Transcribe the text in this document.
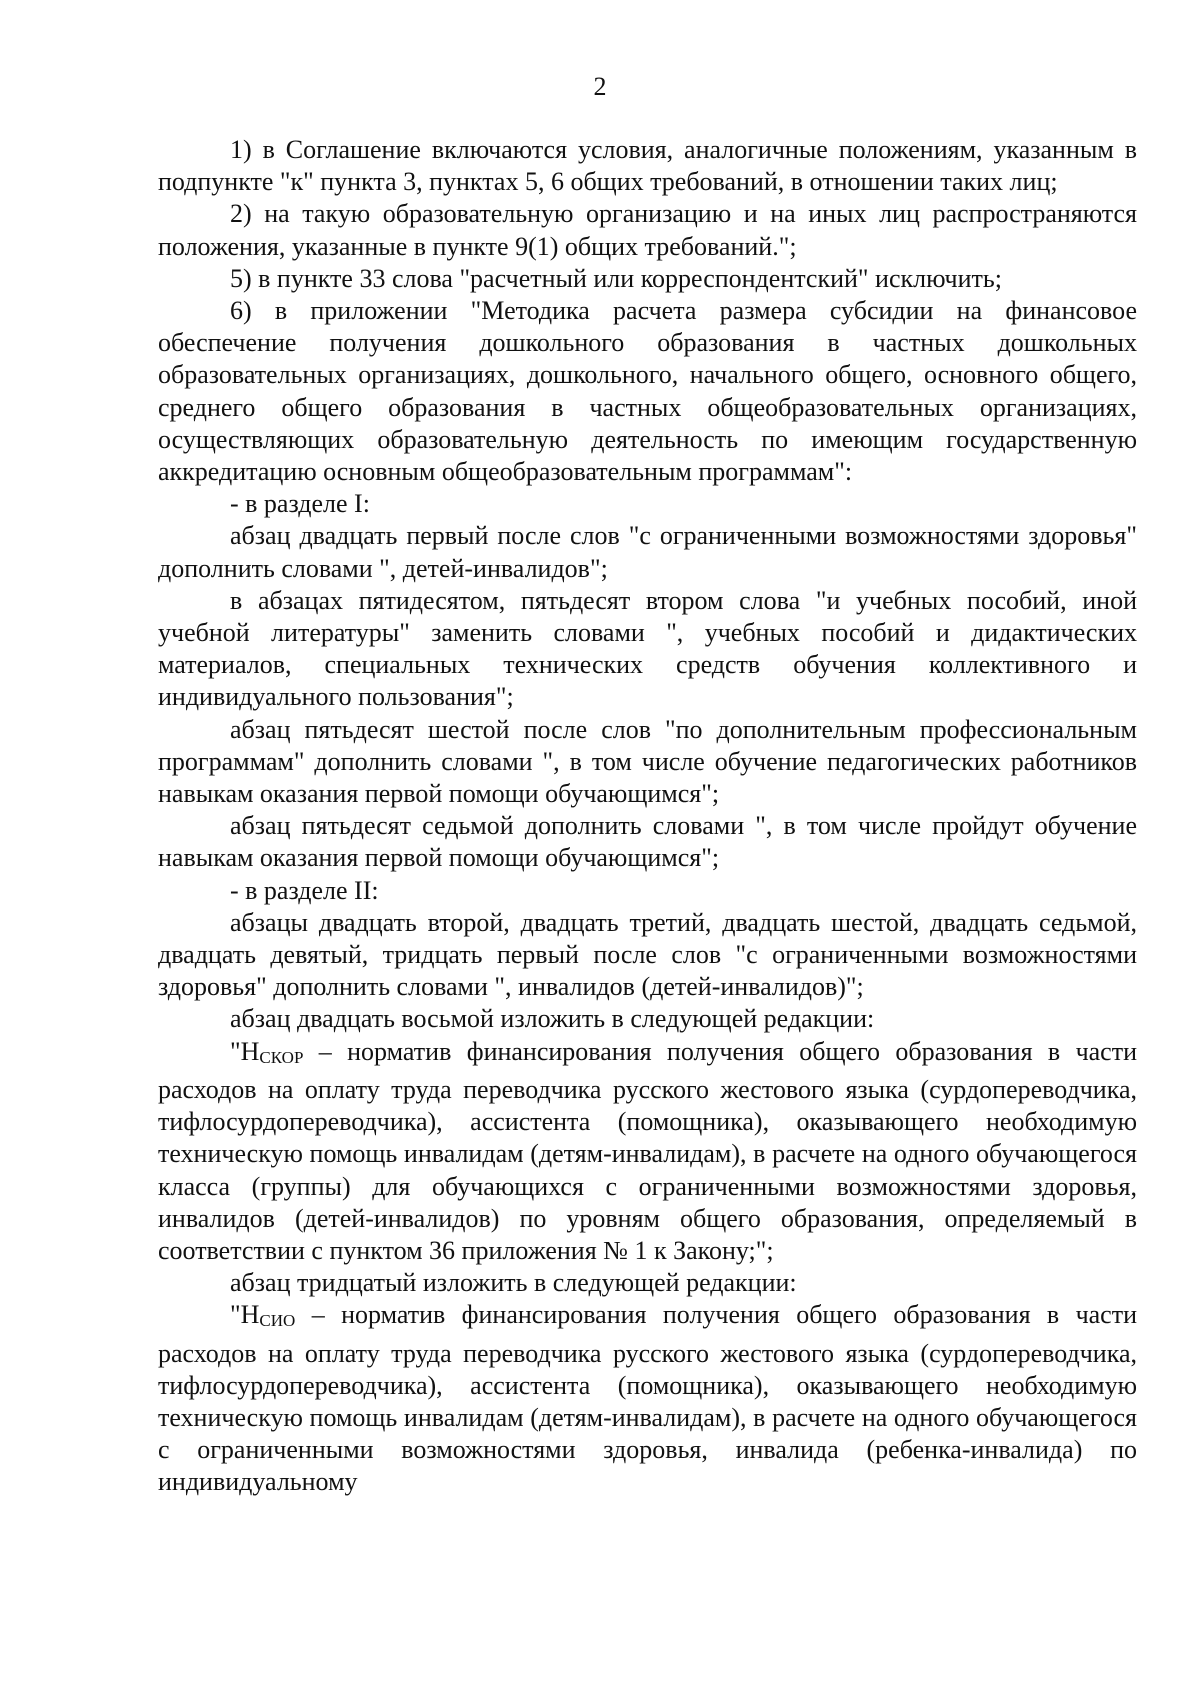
2

1) в Соглашение включаются условия, аналогичные положениям, указанным в подпункте "к" пункта 3, пунктах 5, 6 общих требований, в отношении таких лиц;

2) на такую образовательную организацию и на иных лиц распространяются положения, указанные в пункте 9(1) общих требований.";

5) в пункте 33 слова "расчетный или корреспондентский" исключить;

6) в приложении "Методика расчета размера субсидии на финансовое обеспечение получения дошкольного образования в частных дошкольных образовательных организациях, дошкольного, начального общего, основного общего, среднего общего образования в частных общеобразовательных организациях, осуществляющих образовательную деятельность по имеющим государственную аккредитацию основным общеобразовательным программам":

- в разделе I:

абзац двадцать первый после слов "с ограниченными возможностями здоровья" дополнить словами ", детей-инвалидов";

в абзацах пятидесятом, пятьдесят втором слова "и учебных пособий, иной учебной литературы" заменить словами ", учебных пособий и дидактических материалов, специальных технических средств обучения коллективного и индивидуального пользования";

абзац пятьдесят шестой после слов "по дополнительным профессиональным программам" дополнить словами ", в том числе обучение педагогических работников навыкам оказания первой помощи обучающимся";

абзац пятьдесят седьмой дополнить словами ", в том числе пройдут обучение навыкам оказания первой помощи обучающимся";

- в разделе II:

абзацы двадцать второй, двадцать третий, двадцать шестой, двадцать седьмой, двадцать девятый, тридцать первый после слов "с ограниченными возможностями здоровья" дополнить словами ", инвалидов (детей-инвалидов)";

абзац двадцать восьмой изложить в следующей редакции:

"НСКОР – норматив финансирования получения общего образования в части расходов на оплату труда переводчика русского жестового языка (сурдопереводчика, тифлосурдопереводчика), ассистента (помощника), оказывающего необходимую техническую помощь инвалидам (детям-инвалидам), в расчете на одного обучающегося класса (группы) для обучающихся с ограниченными возможностями здоровья, инвалидов (детей-инвалидов) по уровням общего образования, определяемый в соответствии с пунктом 36 приложения № 1 к Закону;";

абзац тридцатый изложить в следующей редакции:

"НСИО – норматив финансирования получения общего образования в части расходов на оплату труда переводчика русского жестового языка (сурдопереводчика, тифлосурдопереводчика), ассистента (помощника), оказывающего необходимую техническую помощь инвалидам (детям-инвалидам), в расчете на одного обучающегося с ограниченными возможностями здоровья, инвалида (ребенка-инвалида) по индивидуальному
